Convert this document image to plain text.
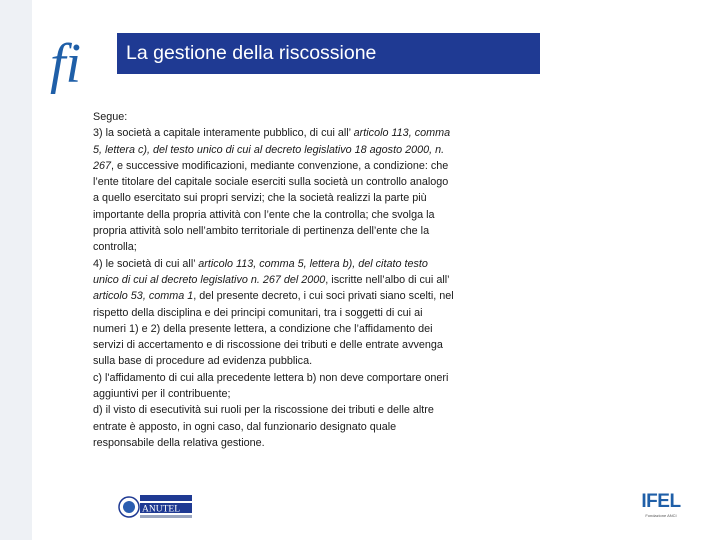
fi	La gestione della riscossione

Segue:

3) la società a capitale interamente pubblico, di cui all’ articolo 113, comma

5, lettera c), del testo unico di cui al decreto legislativo 18 agosto 2000, n.

267, e successive modificazioni, mediante convenzione, a condizione: che

l’ente titolare del capitale sociale eserciti sulla società un controllo analogo

a quello esercitato sui propri servizi; che la società realizzi la parte più

importante della propria attività con l’ente che la controlla; che svolga la

propria attività solo nell’ambito territoriale di pertinenza dell’ente che la

controlla;

4) le società di cui all’ articolo 113, comma 5, lettera b), del citato testo

unico di cui al decreto legislativo n. 267 del 2000, iscritte nell’albo di cui all’

articolo 53, comma 1, del presente decreto, i cui soci privati siano scelti, nel

rispetto della disciplina e dei principi comunitari, tra i soggetti di cui ai

numeri 1) e 2) della presente lettera, a condizione che l’affidamento dei

servizi di accertamento e di riscossione dei tributi e delle entrate avvenga

sulla base di procedure ad evidenza pubblica.

c) l'affidamento di cui alla precedente lettera b) non deve comportare oneri

aggiuntivi per il contribuente;

d) il visto di esecutività sui ruoli per la riscossione dei tributi e delle altre

entrate è apposto, in ogni caso, dal funzionario designato quale

responsabile della relativa gestione.

ANUTEL	IFEL
Fondazione ANCI
